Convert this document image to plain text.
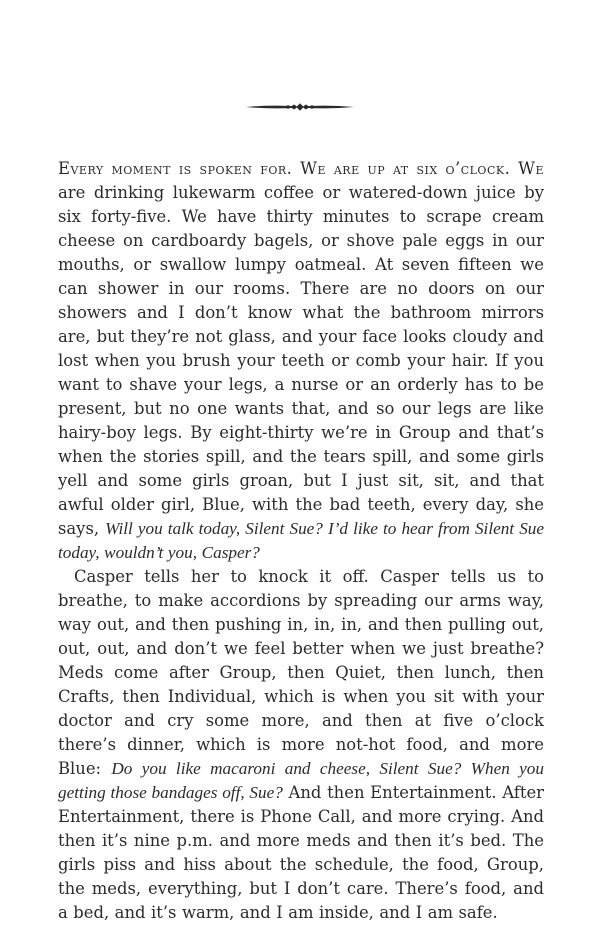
Every moment is spoken for. We are up at six o’clock. We are drinking lukewarm coffee or watered-down juice by six forty-five. We have thirty minutes to scrape cream cheese on cardboardy bagels, or shove pale eggs in our mouths, or swallow lumpy oatmeal. At seven fifteen we can shower in our rooms. There are no doors on our showers and I don’t know what the bathroom mirrors are, but they’re not glass, and your face looks cloudy and lost when you brush your teeth or comb your hair. If you want to shave your legs, a nurse or an orderly has to be present, but no one wants that, and so our legs are like hairy-boy legs. By eight-thirty we’re in Group and that’s when the stories spill, and the tears spill, and some girls yell and some girls groan, but I just sit, sit, and that awful older girl, Blue, with the bad teeth, every day, she says, Will you talk today, Silent Sue? I’d like to hear from Silent Sue today, wouldn’t you, Casper?

Casper tells her to knock it off. Casper tells us to breathe, to make accordions by spreading our arms way, way out, and then pushing in, in, in, and then pulling out, out, out, and don’t we feel better when we just breathe? Meds come after Group, then Quiet, then lunch, then Crafts, then Individual, which is when you sit with your doctor and cry some more, and then at five o’clock there’s dinner, which is more not-hot food, and more Blue: Do you like macaroni and cheese, Silent Sue? When you getting those bandages off, Sue? And then Entertainment. After Entertainment, there is Phone Call, and more crying. And then it’s nine p.m. and more meds and then it’s bed. The girls piss and hiss about the schedule, the food, Group, the meds, everything, but I don’t care. There’s food, and a bed, and it’s warm, and I am inside, and I am safe.
